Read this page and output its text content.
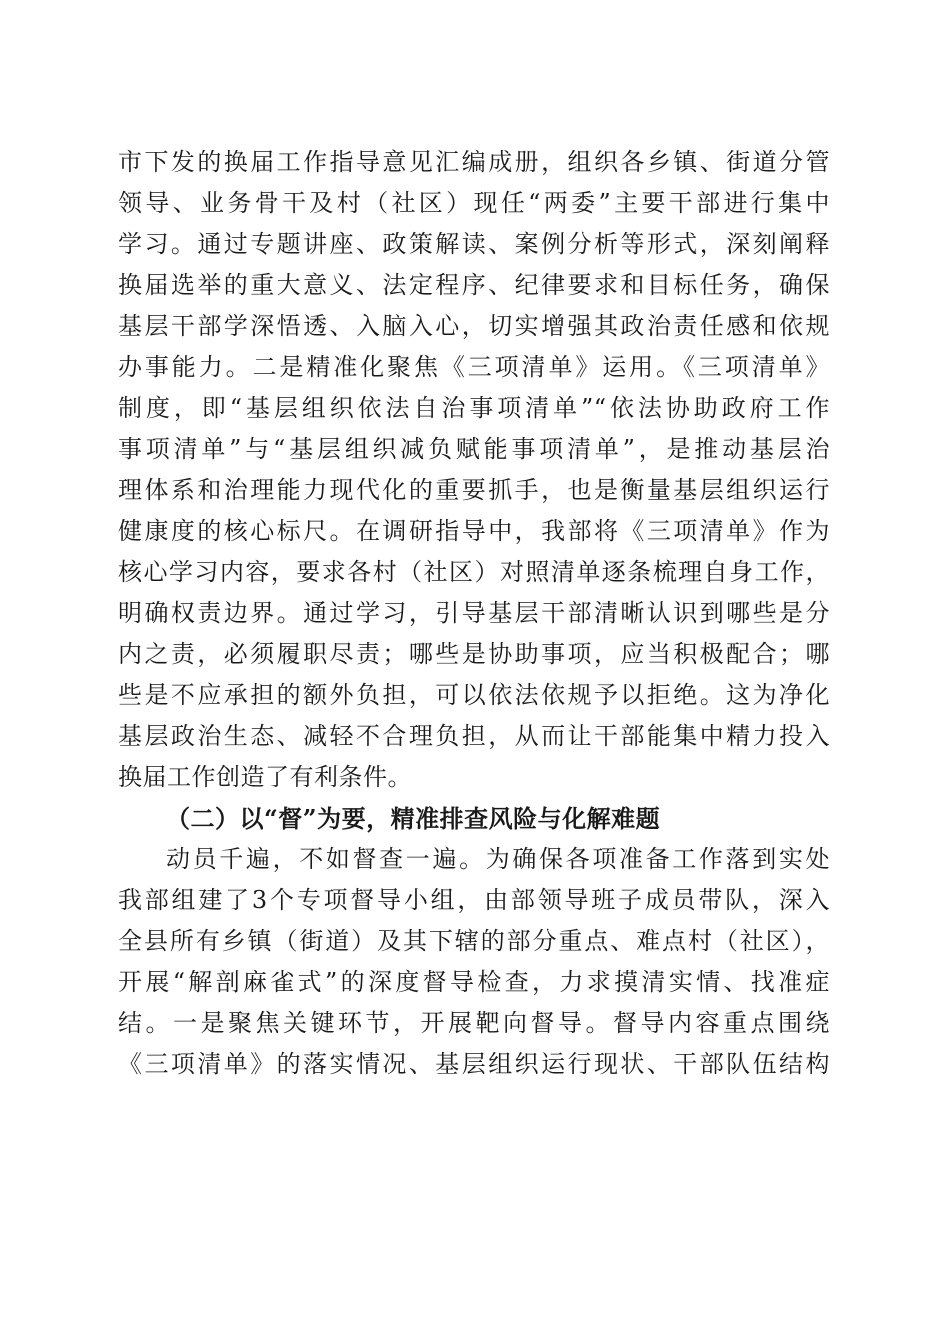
市下发的换届工作指导意见汇编成册，组织各乡镇、街道分管
领导、业务骨干及村（社区）现任“两委”主要干部进行集中
学习。通过专题讲座、政策解读、案例分析等形式，深刻阐释
换届选举的重大意义、法定程序、纪律要求和目标任务，确保
基层干部学深悟透、入脑入心，切实增强其政治责任感和依规
办事能力。二是精准化聚焦《三项清单》运用。《三项清单》
制度，即“基层组织依法自治事项清单”“依法协助政府工作
事项清单”与“基层组织减负赋能事项清单”，是推动基层治
理体系和治理能力现代化的重要抓手，也是衡量基层组织运行
健康度的核心标尺。在调研指导中，我部将《三项清单》作为
核心学习内容，要求各村（社区）对照清单逐条梳理自身工作，
明确权责边界。通过学习，引导基层干部清晰认识到哪些是分
内之责，必须履职尽责；哪些是协助事项，应当积极配合；哪
些是不应承担的额外负担，可以依法依规予以拒绝。这为净化
基层政治生态、减轻不合理负担，从而让干部能集中精力投入
换届工作创造了有利条件。
（二）以“督”为要，精准排查风险与化解难题
动员千遍，不如督查一遍。为确保各项准备工作落到实处
我部组建了3个专项督导小组，由部领导班子成员带队，深入
全县所有乡镇（街道）及其下辖的部分重点、难点村（社区），
开展“解剖麻雀式”的深度督导检查，力求摸清实情、找准症
结。一是聚焦关键环节，开展靶向督导。督导内容重点围绕
《三项清单》的落实情况、基层组织运行现状、干部队伍结构
